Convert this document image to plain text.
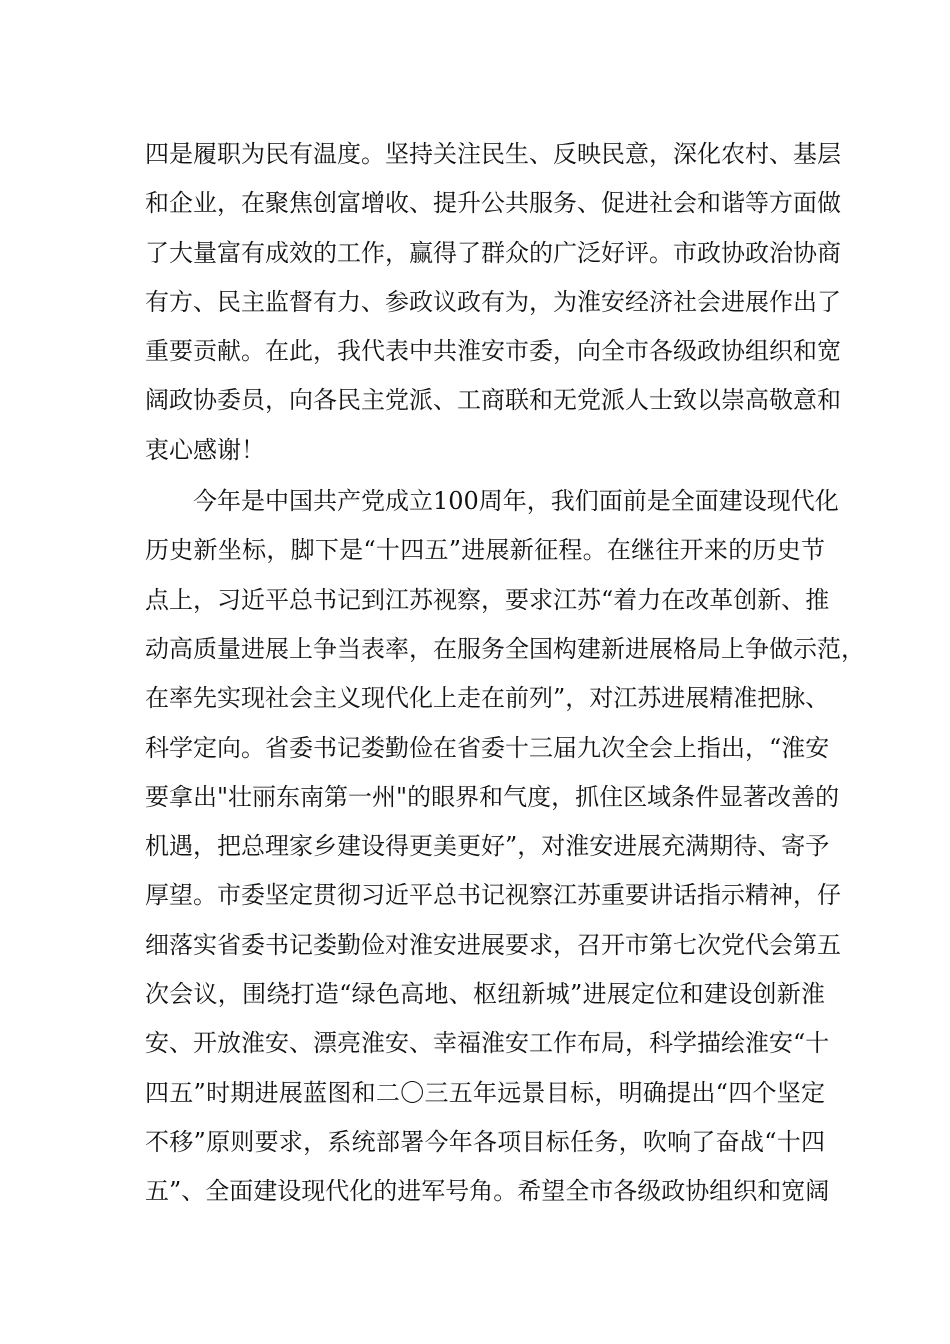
四是履职为民有温度。坚持关注民生、反映民意，深化农村、基层
和企业，在聚焦创富增收、提升公共服务、促进社会和谐等方面做
了大量富有成效的工作，赢得了群众的广泛好评。市政协政治协商
有方、民主监督有力、参政议政有为，为淮安经济社会进展作出了
重要贡献。在此，我代表中共淮安市委，向全市各级政协组织和宽
阔政协委员，向各民主党派、工商联和无党派人士致以崇高敬意和
衷心感谢！
今年是中国共产党成立100周年，我们面前是全面建设现代化
历史新坐标，脚下是“十四五”进展新征程。在继往开来的历史节
点上，习近平总书记到江苏视察，要求江苏“着力在改革创新、推
动高质量进展上争当表率，在服务全国构建新进展格局上争做示范，
在率先实现社会主义现代化上走在前列”，对江苏进展精准把脉、
科学定向。省委书记娄勤俭在省委十三届九次全会上指出，“淮安
要拿出"壮丽东南第一州"的眼界和气度，抓住区域条件显著改善的
机遇，把总理家乡建设得更美更好”，对淮安进展充满期待、寄予
厚望。市委坚定贯彻习近平总书记视察江苏重要讲话指示精神，仔
细落实省委书记娄勤俭对淮安进展要求，召开市第七次党代会第五
次会议，围绕打造“绿色高地、枢纽新城”进展定位和建设创新淮
安、开放淮安、漂亮淮安、幸福淮安工作布局，科学描绘淮安“十
四五”时期进展蓝图和二〇三五年远景目标，明确提出“四个坚定
不移”原则要求，系统部署今年各项目标任务，吹响了奋战“十四
五”、全面建设现代化的进军号角。希望全市各级政协组织和宽阔
